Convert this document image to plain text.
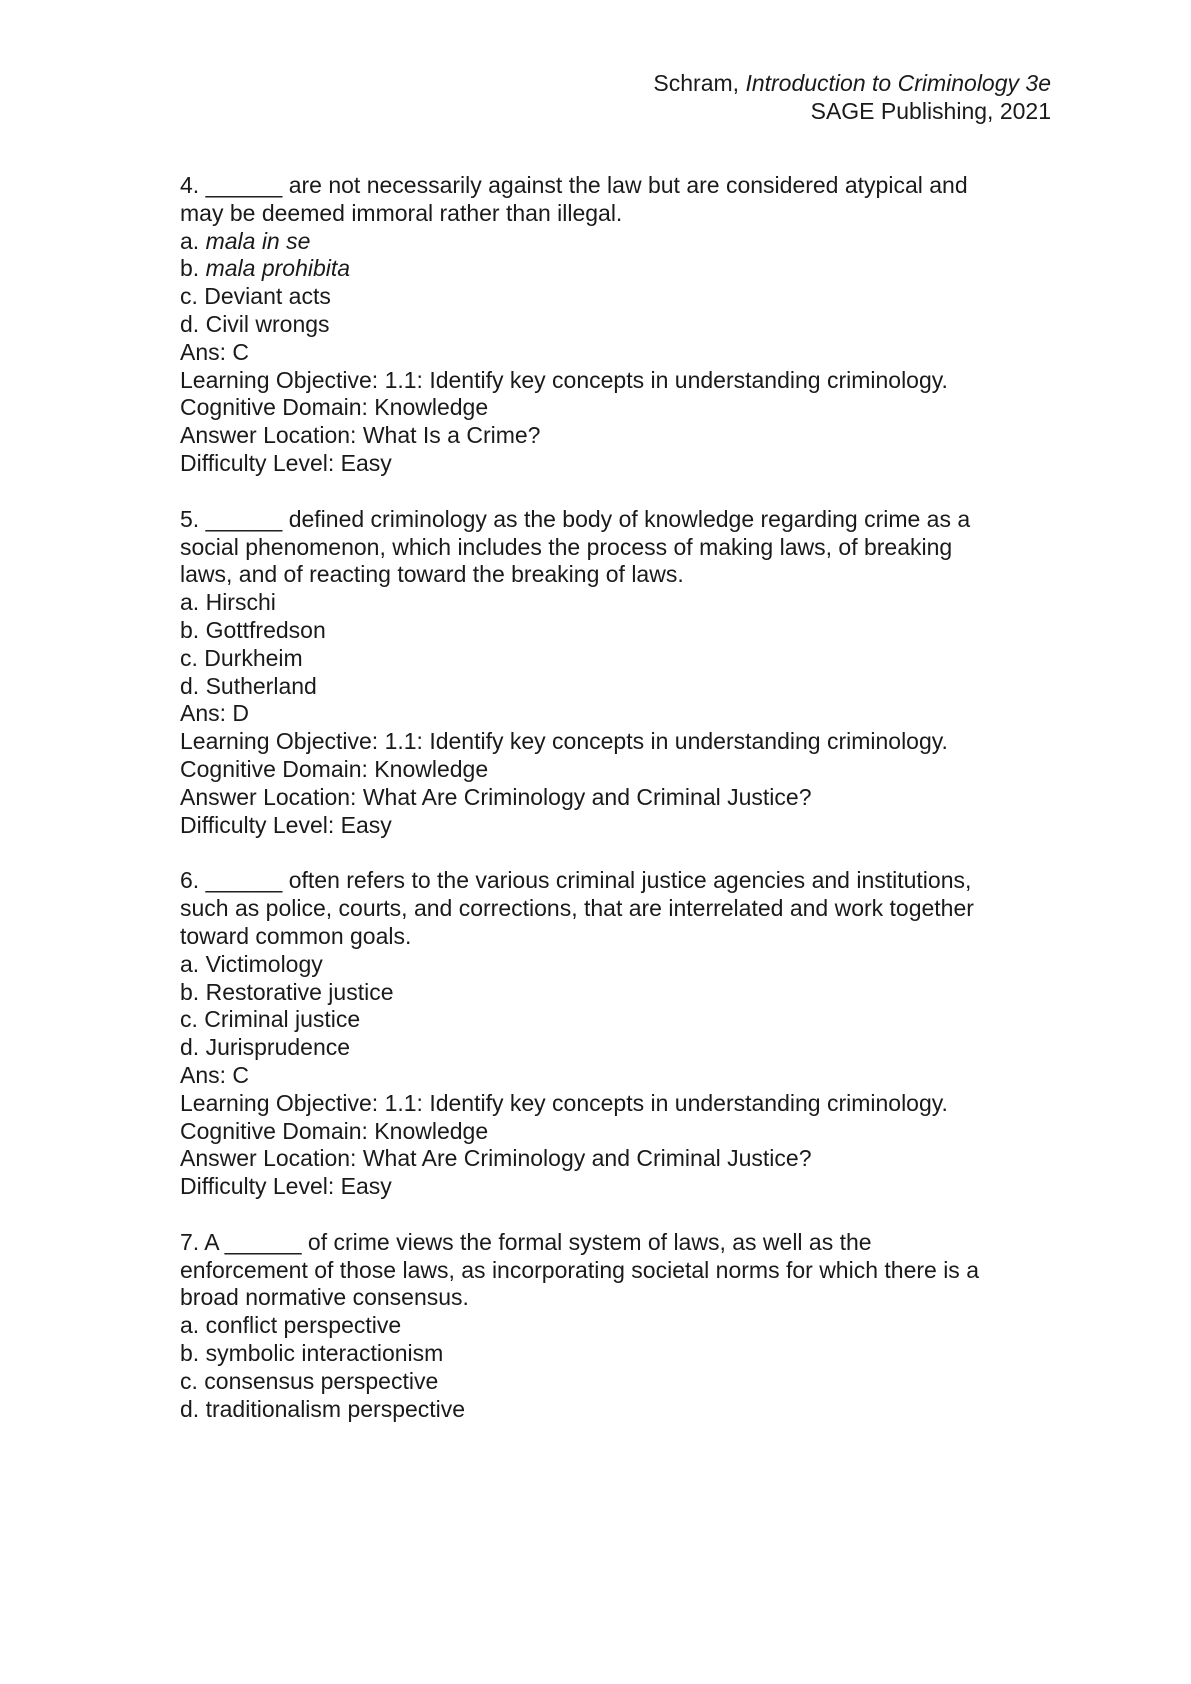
Schram, Introduction to Criminology 3e
SAGE Publishing, 2021
4. ______ are not necessarily against the law but are considered atypical and
may be deemed immoral rather than illegal.
a. mala in se
b. mala prohibita
c. Deviant acts
d. Civil wrongs
Ans: C
Learning Objective: 1.1: Identify key concepts in understanding criminology.
Cognitive Domain: Knowledge
Answer Location: What Is a Crime?
Difficulty Level: Easy
5. ______ defined criminology as the body of knowledge regarding crime as a
social phenomenon, which includes the process of making laws, of breaking
laws, and of reacting toward the breaking of laws.
a. Hirschi
b. Gottfredson
c. Durkheim
d. Sutherland
Ans: D
Learning Objective: 1.1: Identify key concepts in understanding criminology.
Cognitive Domain: Knowledge
Answer Location: What Are Criminology and Criminal Justice?
Difficulty Level: Easy
6. ______ often refers to the various criminal justice agencies and institutions,
such as police, courts, and corrections, that are interrelated and work together
toward common goals.
a. Victimology
b. Restorative justice
c. Criminal justice
d. Jurisprudence
Ans: C
Learning Objective: 1.1: Identify key concepts in understanding criminology.
Cognitive Domain: Knowledge
Answer Location: What Are Criminology and Criminal Justice?
Difficulty Level: Easy
7. A ______ of crime views the formal system of laws, as well as the
enforcement of those laws, as incorporating societal norms for which there is a
broad normative consensus.
a. conflict perspective
b. symbolic interactionism
c. consensus perspective
d. traditionalism perspective
